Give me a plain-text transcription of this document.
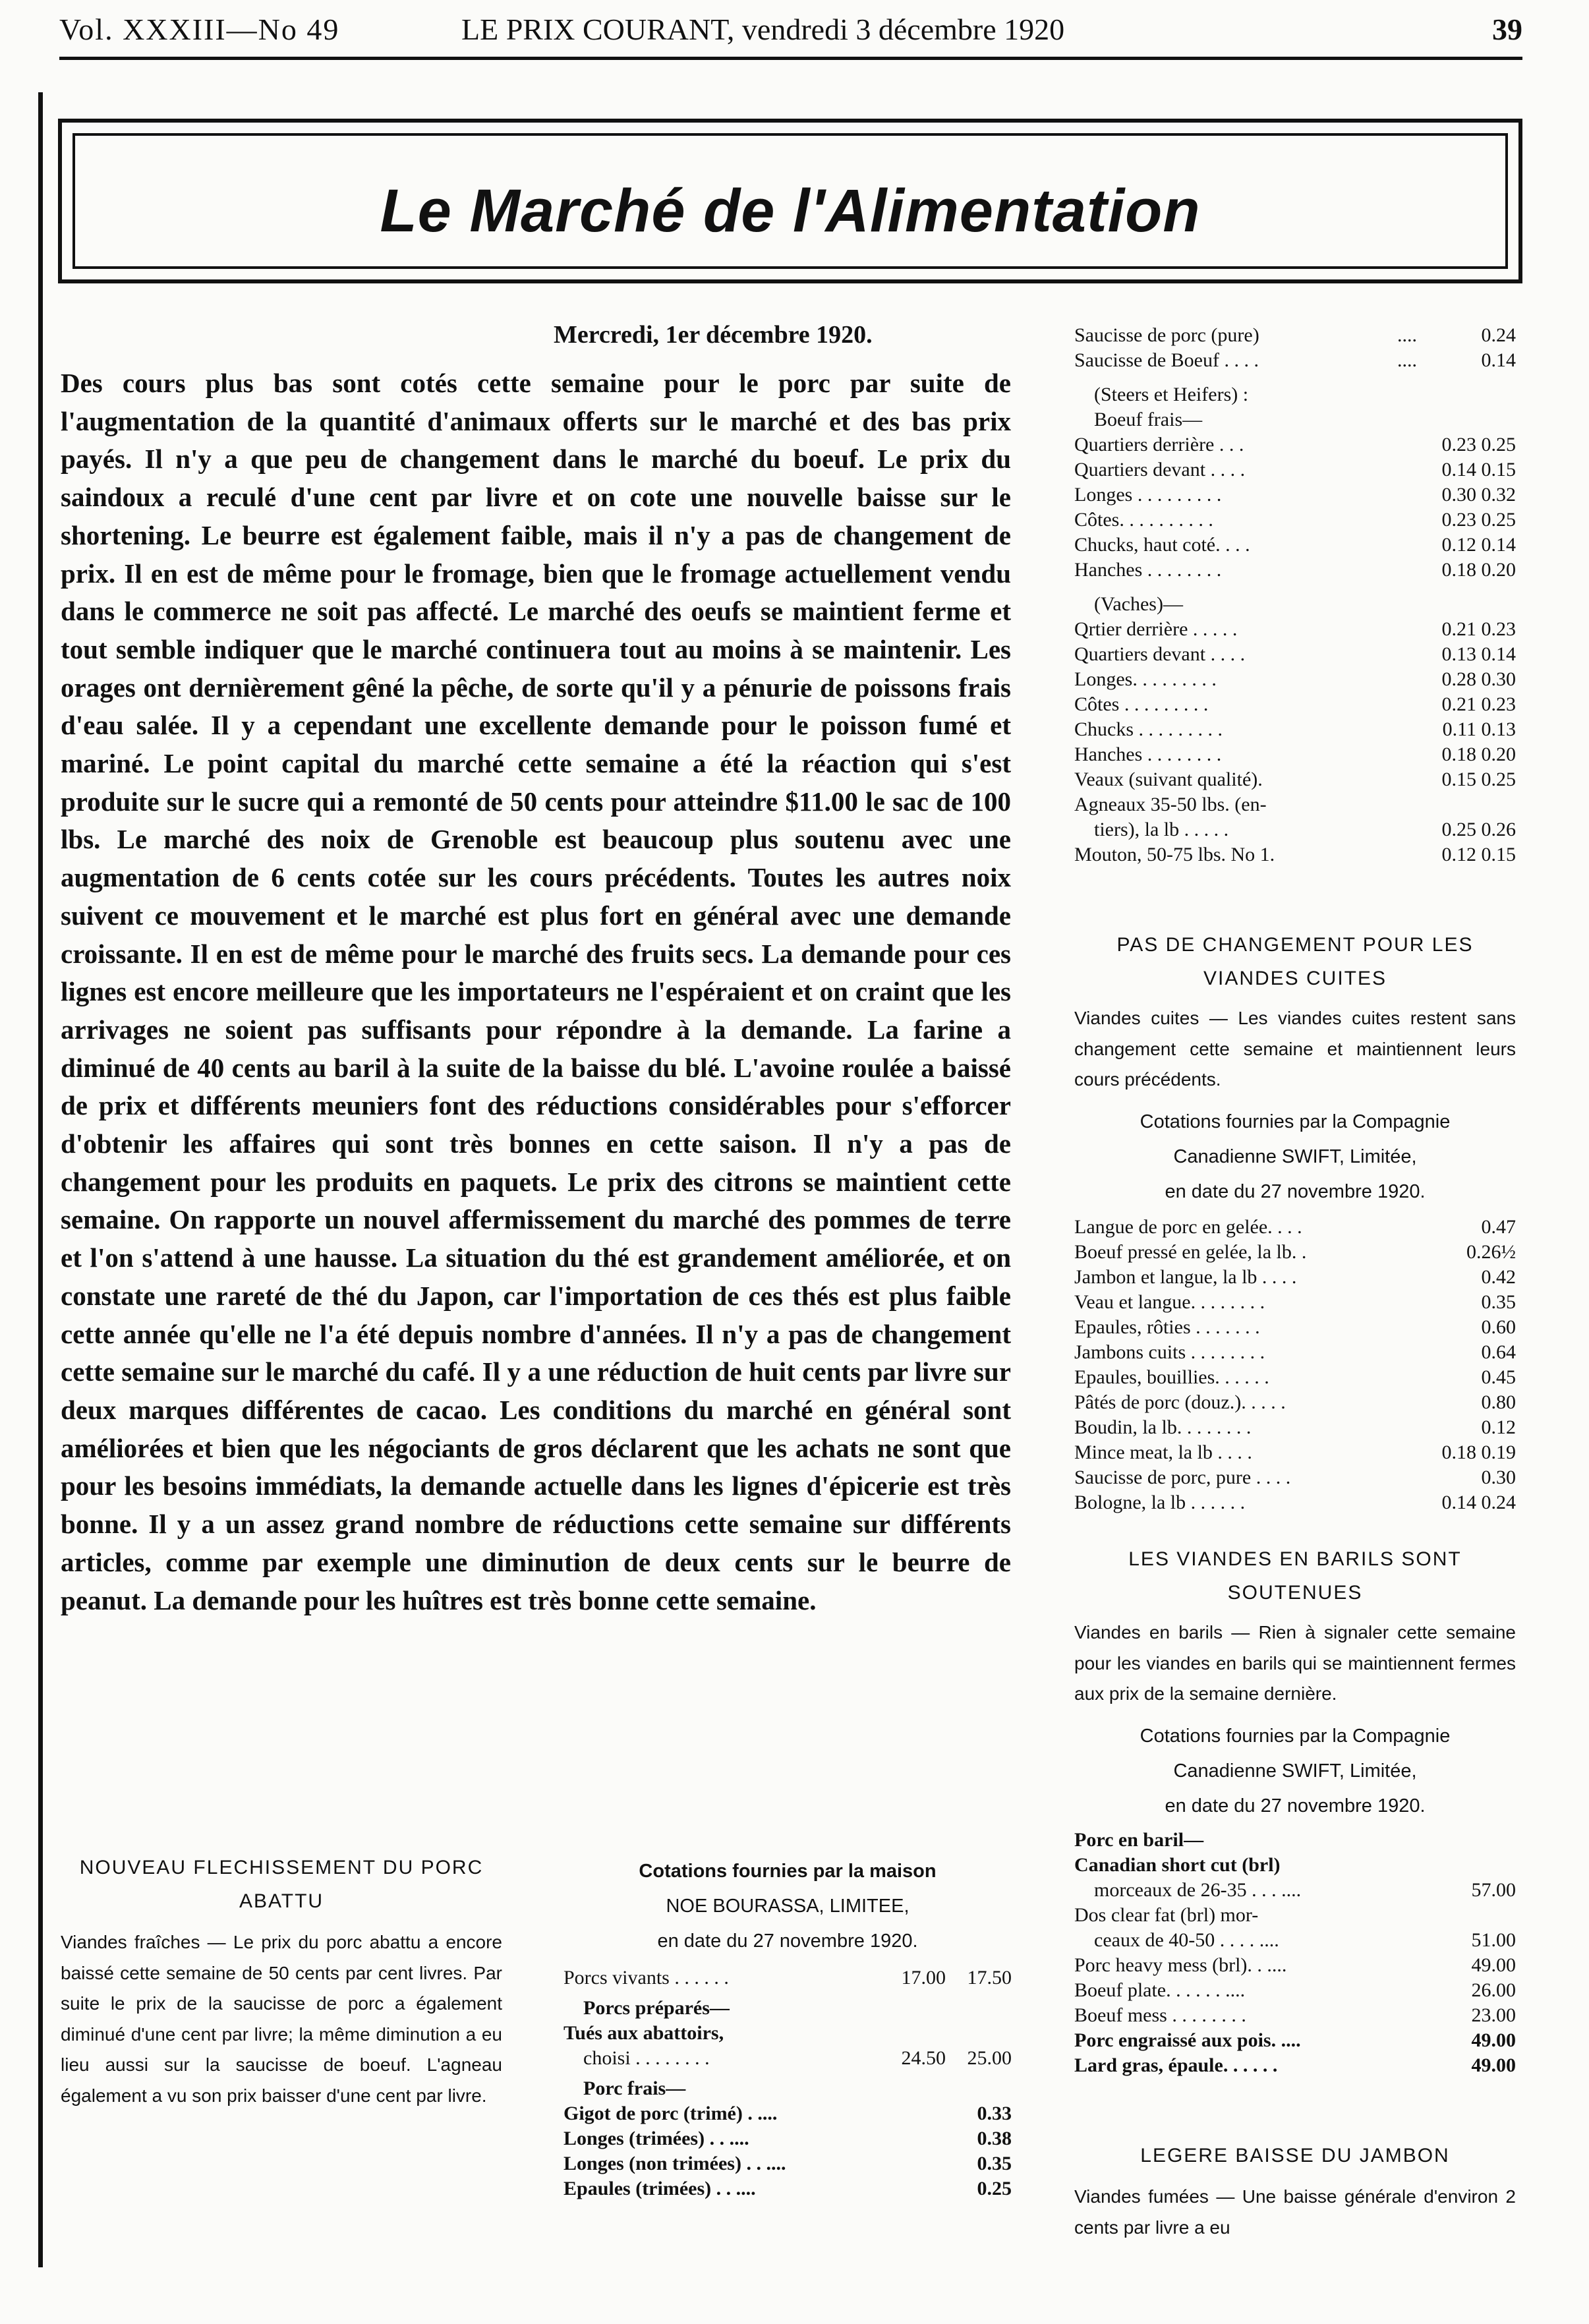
Vol. XXXIII—No 49	LE PRIX COURANT, vendredi 3 décembre 1920	39
Le Marché de l'Alimentation
Mercredi, 1er décembre 1920.
Des cours plus bas sont cotés cette semaine pour le porc par suite de l'augmentation de la quantité d'animaux offerts sur le marché et des bas prix payés. Il n'y a que peu de changement dans le marché du boeuf. Le prix du saindoux a reculé d'une cent par livre et on cote une nouvelle baisse sur le shortening. Le beurre est également faible, mais il n'y a pas de changement de prix. Il en est de même pour le fromage, bien que le fromage actuellement vendu dans le commerce ne soit pas affecté. Le marché des oeufs se maintient ferme et tout semble indiquer que le marché continuera tout au moins à se maintenir. Les orages ont dernièrement gêné la pêche, de sorte qu'il y a pénurie de poissons frais d'eau salée. Il y a cependant une excellente demande pour le poisson fumé et mariné. Le point capital du marché cette semaine a été la réaction qui s'est produite sur le sucre qui a remonté de 50 cents pour atteindre $11.00 le sac de 100 lbs. Le marché des noix de Grenoble est beaucoup plus soutenu avec une augmentation de 6 cents cotée sur les cours précédents. Toutes les autres noix suivent ce mouvement et le marché est plus fort en général avec une demande croissante. Il en est de même pour le marché des fruits secs. La demande pour ces lignes est encore meilleure que les importateurs ne l'espéraient et on craint que les arrivages ne soient pas suffisants pour répondre à la demande. La farine a diminué de 40 cents au baril à la suite de la baisse du blé. L'avoine roulée a baissé de prix et différents meuniers font des réductions considérables pour s'efforcer d'obtenir les affaires qui sont très bonnes en cette saison. Il n'y a pas de changement pour les produits en paquets. Le prix des citrons se maintient cette semaine. On rapporte un nouvel affermissement du marché des pommes de terre et l'on s'attend à une hausse. La situation du thé est grandement améliorée, et on constate une rareté de thé du Japon, car l'importation de ces thés est plus faible cette année qu'elle ne l'a été depuis nombre d'années. Il n'y a pas de changement cette semaine sur le marché du café. Il y a une réduction de huit cents par livre sur deux marques différentes de cacao. Les conditions du marché en général sont améliorées et bien que les négociants de gros déclarent que les achats ne sont que pour les besoins immédiats, la demande actuelle dans les lignes d'épicerie est très bonne. Il y a un assez grand nombre de réductions cette semaine sur différents articles, comme par exemple une diminution de deux cents sur le beurre de peanut. La demande pour les huîtres est très bonne cette semaine.
Saucisse de porc (pure)	....	0.24
Saucisse de Boeuf . . . .	....	0.14
(Steers et Heifers) :
Boeuf frais—
Quartiers derrière . . .	0.23 0.25
Quartiers devant . . . .	0.14 0.15
Longes . . . . . . . . .	0.30 0.32
Côtes. . . . . . . . . .	0.23 0.25
Chucks, haut coté. . . .	0.12 0.14
Hanches . . . . . . . .	0.18 0.20
(Vaches)—
Qrtier derrière . . . . .	0.21 0.23
Quartiers devant . . . .	0.13 0.14
Longes. . . . . . . . .	0.28 0.30
Côtes . . . . . . . . .	0.21 0.23
Chucks . . . . . . . . .	0.11 0.13
Hanches . . . . . . . .	0.18 0.20
Veaux (suivant qualité).	0.15 0.25
Agneaux 35-50 lbs. (en-
tiers), la lb . . . . .	0.25 0.26
Mouton, 50-75 lbs. No 1.	0.12 0.15
PAS DE CHANGEMENT POUR LES VIANDES CUITES
Viandes cuites — Les viandes cuites restent sans changement cette semaine et maintiennent leurs cours précédents.
Cotations fournies par la Compagnie
Canadienne SWIFT, Limitée,
en date du 27 novembre 1920.
Langue de porc en gelée. . . .	0.47
Boeuf pressé en gelée, la lb. .	0.26½
Jambon et langue, la lb . . . .	0.42
Veau et langue. . . . . . . .	0.35
Epaules, rôties . . . . . . .	0.60
Jambons cuits . . . . . . . .	0.64
Epaules, bouillies. . . . . .	0.45
Pâtés de porc (douz.). . . . .	0.80
Boudin, la lb. . . . . . . .	0.12
Mince meat, la lb . . . .	0.18 0.19
Saucisse de porc, pure . . . .	0.30
Bologne, la lb . . . . . .	0.14 0.24
LES VIANDES EN BARILS SONT SOUTENUES
Viandes en barils — Rien à signaler cette semaine pour les viandes en barils qui se maintiennent fermes aux prix de la semaine dernière.
Cotations fournies par la Compagnie
Canadienne SWIFT, Limitée,
en date du 27 novembre 1920.
Porc en baril—
Canadian short cut (brl)
morceaux de 26-35 . . . ....	57.00
Dos clear fat (brl) mor-
ceaux de 40-50 . . . . ....	51.00
Porc heavy mess (brl). . ....	49.00
Boeuf plate. . . . . . ....	26.00
Boeuf mess . . . . . . . .	23.00
Porc engraissé aux pois. ....	49.00
Lard gras, épaule. . . . . .	49.00
LEGERE BAISSE DU JAMBON
Viandes fumées — Une baisse générale d'environ 2 cents par livre a eu
NOUVEAU FLECHISSEMENT DU PORC ABATTU
Viandes fraîches — Le prix du porc abattu a encore baissé cette semaine de 50 cents par cent livres. Par suite le prix de la saucisse de porc a également diminué d'une cent par livre; la même diminution a eu lieu aussi sur la saucisse de boeuf. L'agneau également a vu son prix baisser d'une cent par livre.
Cotations fournies par la maison
NOE BOURASSA, LIMITEE,
en date du 27 novembre 1920.
Porcs vivants . . . . . .	17.00 17.50
Porcs préparés—
Tués aux abattoirs,
choisi . . . . . . . .	24.50 25.00
Porc frais—
Gigot de porc (trimé) . ....	0.33
Longes (trimées) . . ....	0.38
Longes (non trimées) . . ....	0.35
Epaules (trimées) . . ....	0.25
